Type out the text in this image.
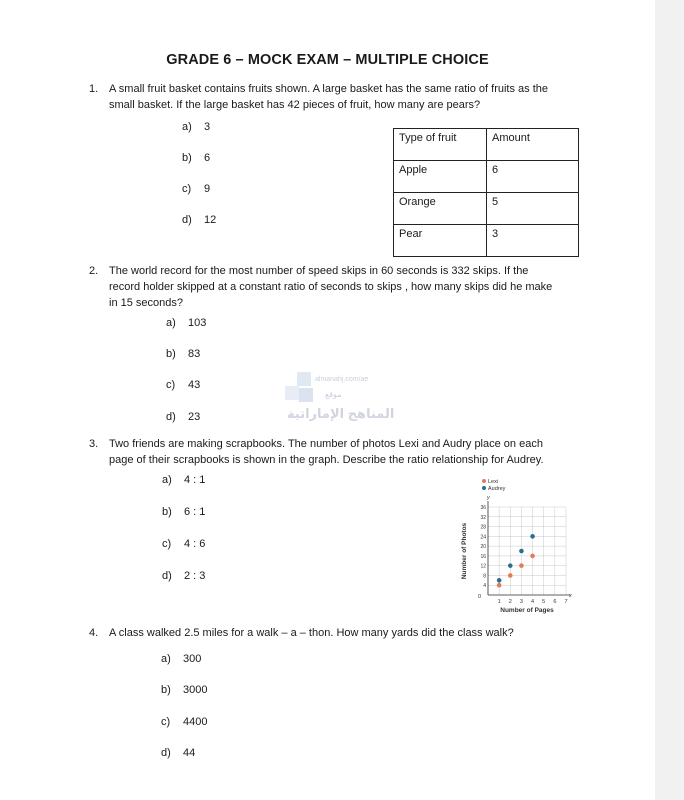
GRADE 6 – MOCK EXAM – MULTIPLE CHOICE
1. A small fruit basket contains fruits shown. A large basket has the same ratio of fruits as the
small basket. If the large basket has 42 pieces of fruit, how many are pears?
a) 3
b) 6
c) 9
d) 12
Type of fruit	Amount
Apple	6
Orange	5
Pear	3
2. The world record for the most number of speed skips in 60 seconds is 332 skips. If the
record holder skipped at a constant ratio of seconds to skips , how many skips did he make
in 15 seconds?
a) 103
b) 83
c) 43
d) 23
almanahj.com/ae
موقع
المناهج الإماراتية
3. Two friends are making scrapbooks. The number of photos Lexi and Audry place on each
page of their scrapbooks is shown in the graph. Describe the ratio relationship for Audrey.
a) 4 : 1
b) 6 : 1
c) 4 : 6
d) 2 : 3
x
y
0
1 2 3 4 5 6 7
4
8
12
16
20
24
28
32
36
Number of Pages
Number of Photos
Lexi
Audrey
4. A class walked 2.5 miles for a walk – a – thon. How many yards did the class walk?
a) 300
b) 3000
c) 4400
d) 44
